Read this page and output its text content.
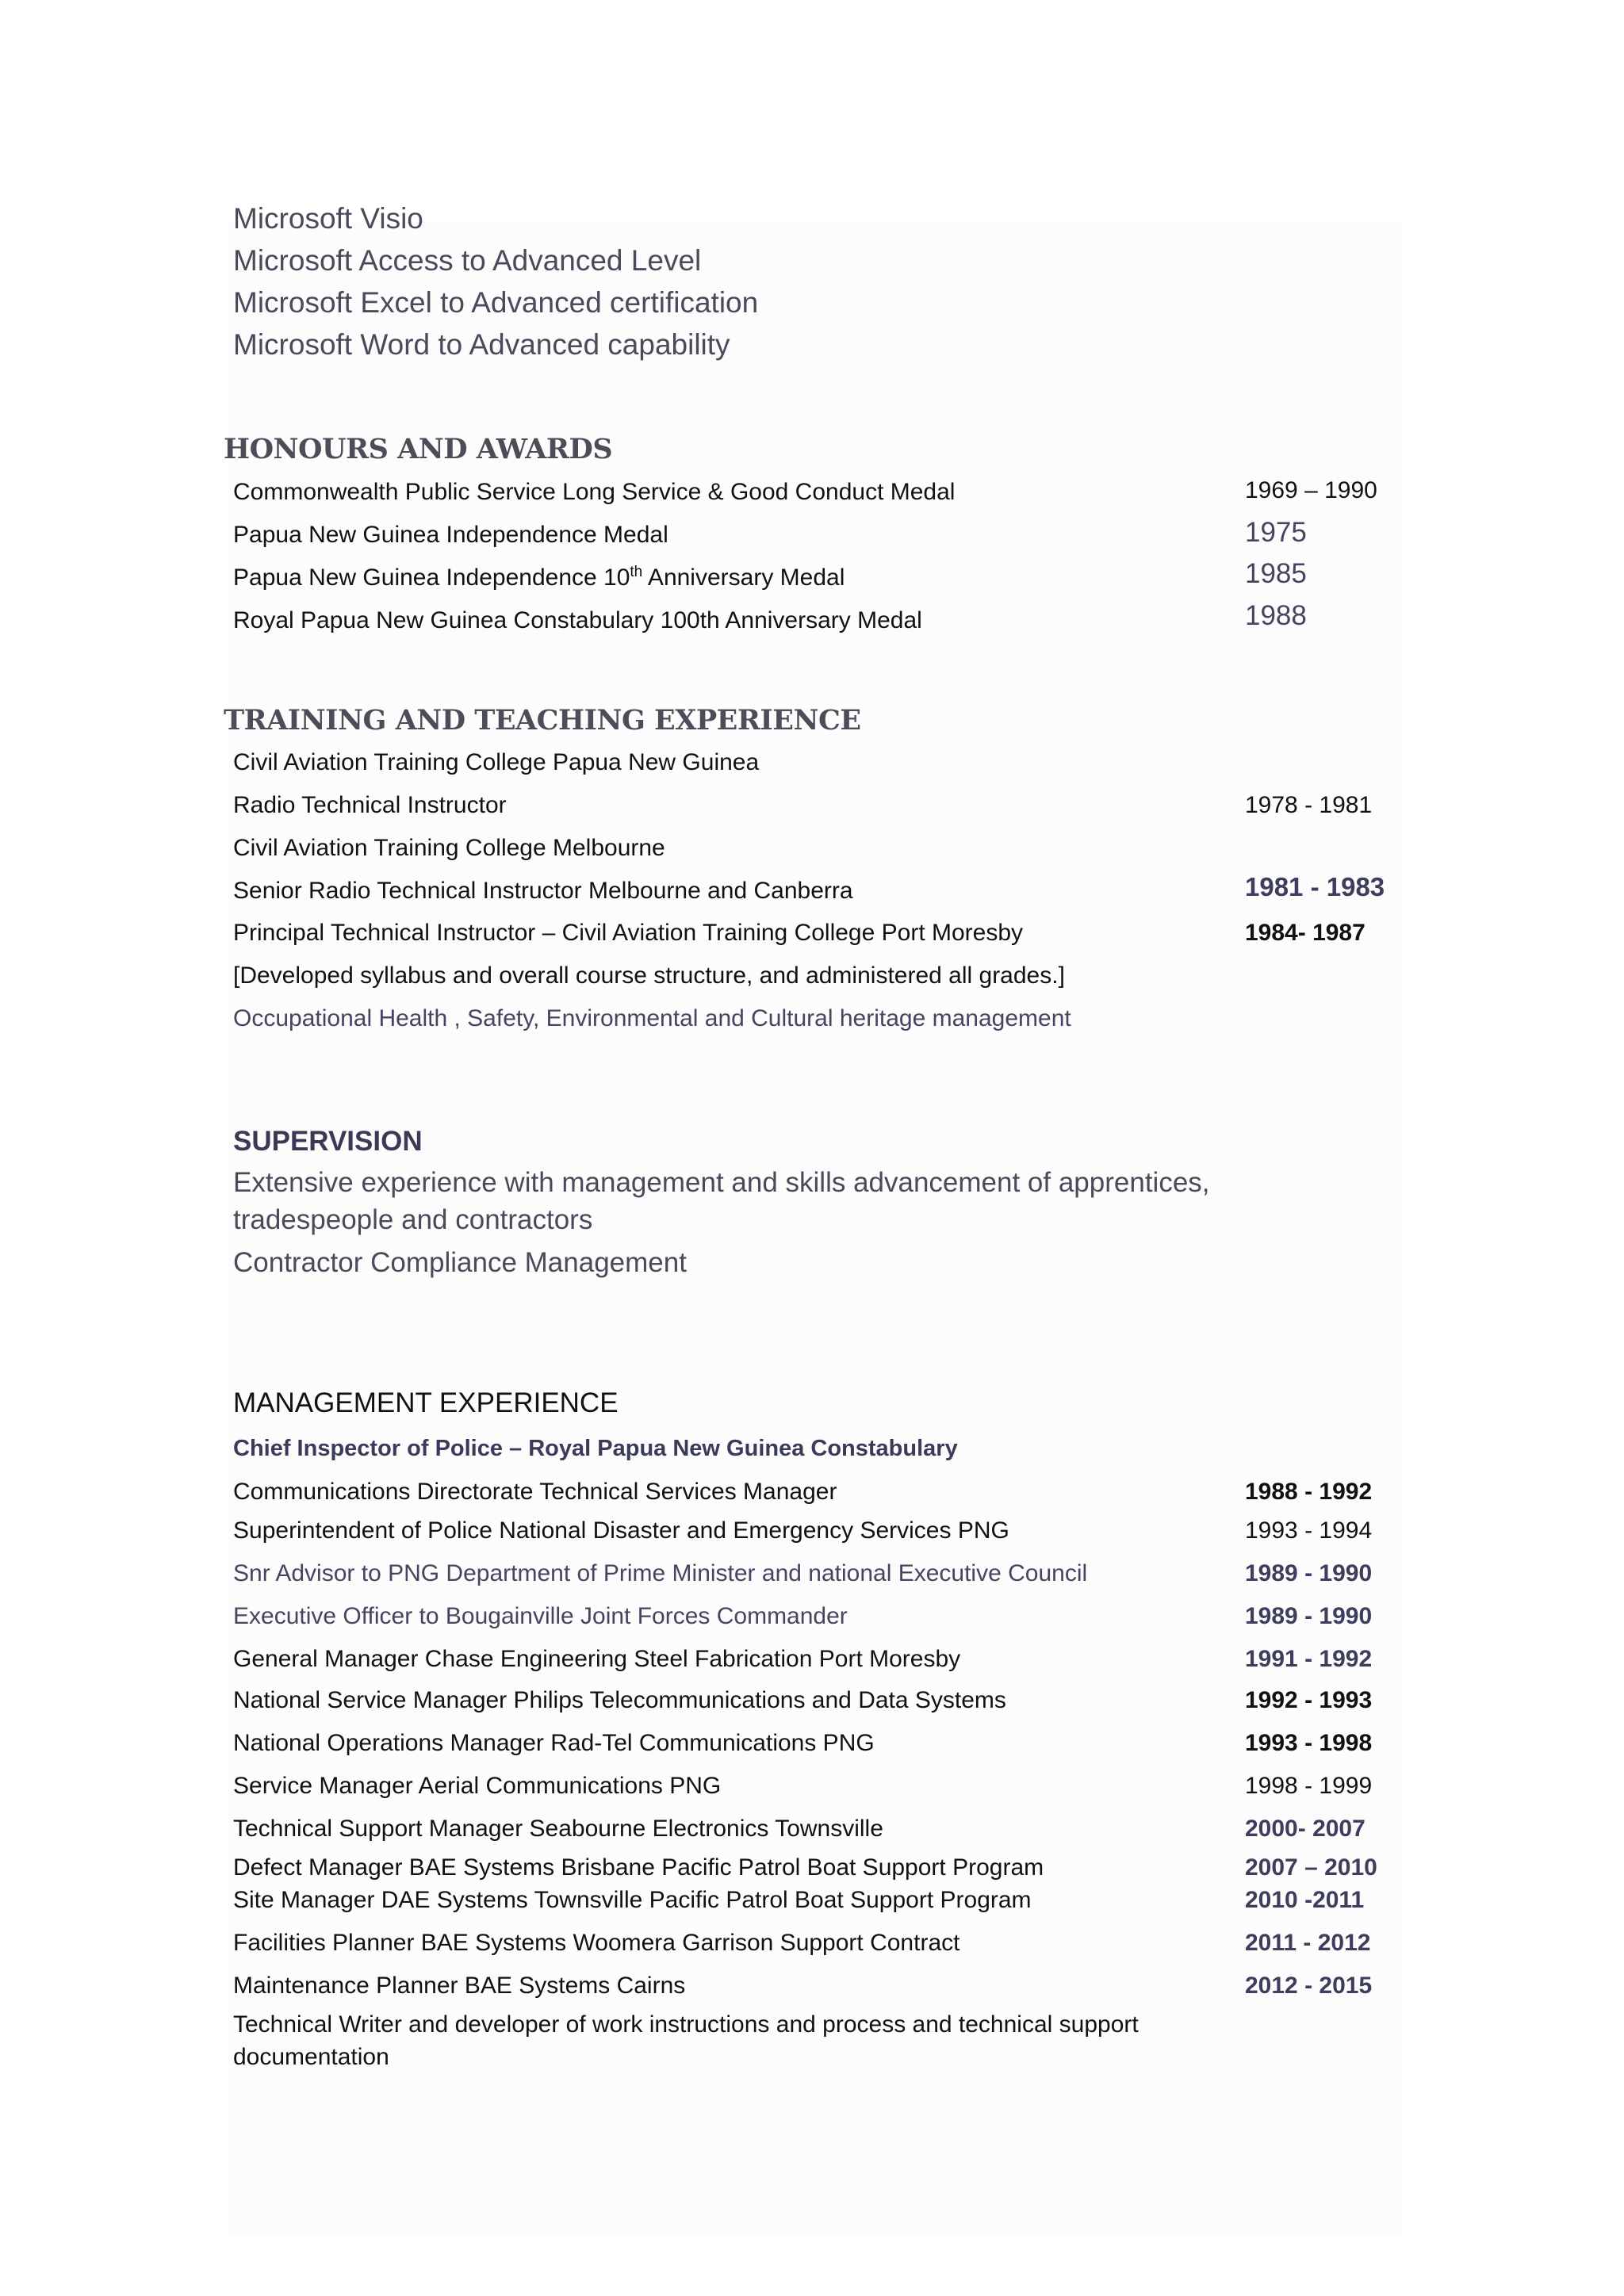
Microsoft Visio
Microsoft Access to Advanced Level
Microsoft Excel to Advanced certification
Microsoft Word to Advanced capability
HONOURS AND AWARDS
Commonwealth Public Service Long Service & Good Conduct Medal	1969 – 1990
Papua New Guinea Independence Medal	1975
Papua New Guinea Independence 10th Anniversary Medal	1985
Royal Papua New Guinea Constabulary 100th Anniversary Medal	1988
TRAINING AND TEACHING EXPERIENCE
Civil Aviation Training College Papua New Guinea
Radio Technical Instructor	1978 - 1981
Civil Aviation Training College Melbourne
Senior Radio Technical Instructor Melbourne and Canberra	1981 - 1983
Principal Technical Instructor – Civil Aviation Training College Port Moresby	1984- 1987
[Developed syllabus and overall course structure, and administered all grades.]
Occupational Health , Safety, Environmental and Cultural heritage management
SUPERVISION
Extensive experience with management and skills advancement of apprentices,
tradespeople and contractors
Contractor Compliance Management
MANAGEMENT EXPERIENCE
Chief Inspector of Police – Royal Papua New Guinea Constabulary
Communications Directorate Technical Services Manager	1988 - 1992
Superintendent of Police National Disaster and Emergency Services PNG	1993 - 1994
Snr Advisor to PNG Department of Prime Minister and national Executive Council	1989 - 1990
Executive Officer to Bougainville Joint Forces Commander	1989 - 1990
General Manager Chase Engineering Steel Fabrication Port Moresby	1991 - 1992
National Service Manager Philips Telecommunications and Data Systems	1992 - 1993
National Operations Manager Rad-Tel Communications PNG	1993 - 1998
Service Manager Aerial Communications PNG	1998 - 1999
Technical Support Manager Seabourne Electronics Townsville	2000- 2007
Defect Manager BAE Systems Brisbane Pacific Patrol Boat Support Program	2007 – 2010
Site Manager DAE Systems Townsville Pacific Patrol Boat Support Program	2010 -2011
Facilities Planner BAE Systems Woomera Garrison Support Contract	2011 - 2012
Maintenance Planner BAE Systems Cairns	2012 - 2015
Technical Writer and developer of work instructions and process and technical support
documentation
